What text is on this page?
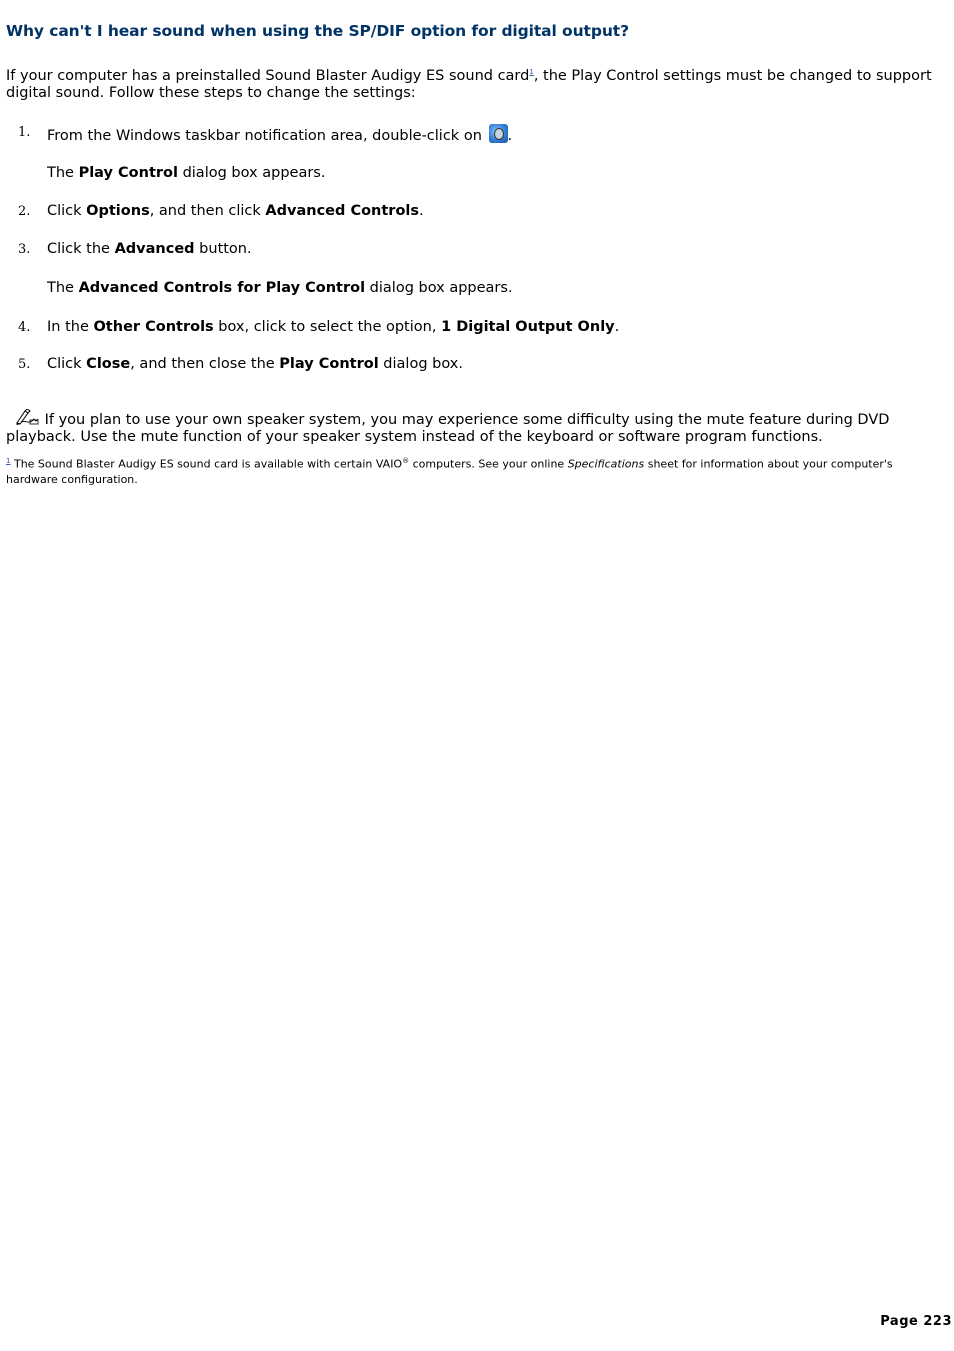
Why can't I hear sound when using the SP/DIF option for digital output?

If your computer has a preinstalled Sound Blaster Audigy ES sound card$^1$, the Play Control settings must be changed to support digital sound. Follow these steps to change the settings:

1. From the Windows taskbar notification area, double-click on .
The Play Control dialog box appears.
2. Click Options, and then click Advanced Controls.
3. Click the Advanced button.
The Advanced Controls for Play Control dialog box appears.
4. In the Other Controls box, click to select the option, 1 Digital Output Only.
5. Click Close, and then close the Play Control dialog box.

If you plan to use your own speaker system, you may experience some difficulty using the mute feature during DVD playback. Use the mute function of your speaker system instead of the keyboard or software program functions.

$^1$ The Sound Blaster Audigy ES sound card is available with certain VAIO® computers. See your online Specifications sheet for information about your computer's hardware configuration.

Page 223
